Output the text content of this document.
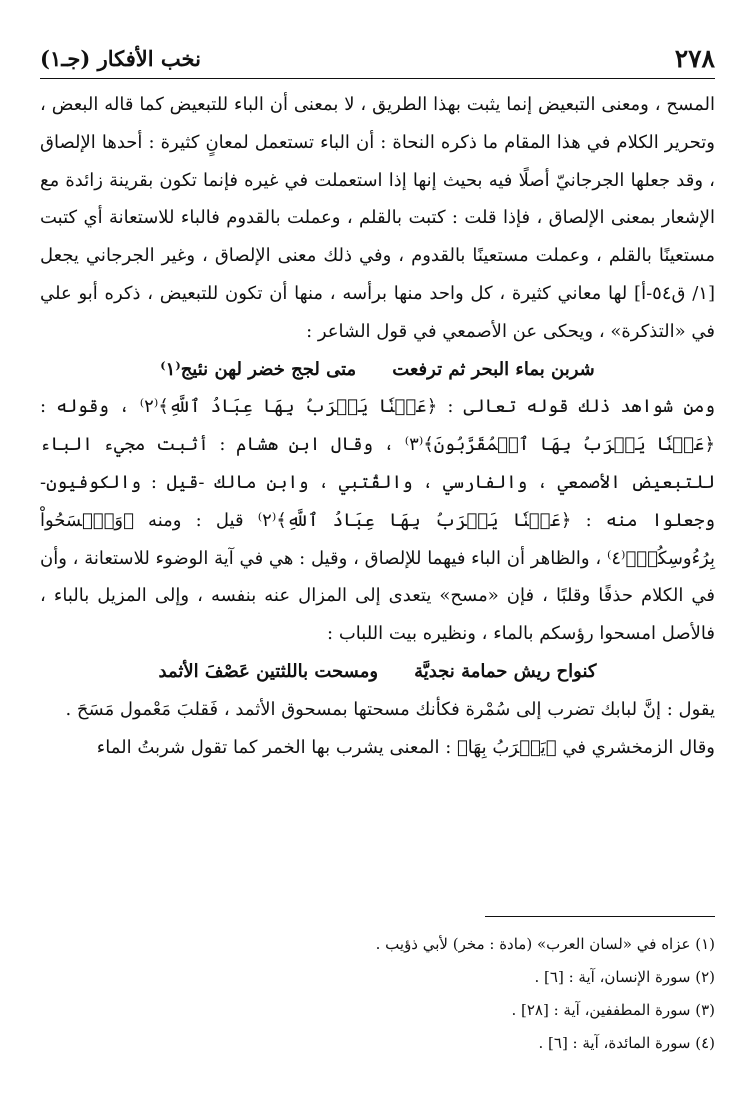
٢٧٨
نخب الأفكار (جـ١)

المسح ، ومعنى التبعيض إنما يثبت بهذا الطريق ، لا بمعنى أن الباء للتبعيض كما قاله البعض ، وتحرير الكلام في هذا المقام ما ذكره النحاة : أن الباء تستعمل لمعانٍ كثيرة : أحدها الإلصاق ، وقد جعلها الجرجانيّ أصلًا فيه بحيث إنها إذا استعملت في غيره فإنما تكون بقرينة زائدة مع الإشعار بمعنى الإلصاق ، فإذا قلت : كتبت بالقلم ، وعملت بالقدوم فالباء للاستعانة أي كتبت مستعينًا بالقلم ، وعملت مستعينًا بالقدوم ، وفي ذلك معنى الإلصاق ، وغير الجرجاني يجعل [١/ ق٥٤-أ] لها معاني كثيرة ، كل واحد منها برأسه ، منها أن تكون للتبعيض ، ذكره أبو علي في «التذكرة» ، ويحكى عن الأصمعي في قول الشاعر :

شربن بماء البحر ثم ترفعت
متى لجج خضر لهن نئيج⁽١⁾

ومن شواهد ذلك قوله تعالى : ﴿عَيۡنٗا يَشۡرَبُ بِهَا عِبَادُ ٱللَّهِ﴾⁽٢⁾ ، وقوله : ﴿عَيۡنٗا يَشۡرَبُ بِهَا ٱلۡمُقَرَّبُونَ﴾⁽٣⁾ ، وقال ابن هشام : أثبت مجيء الباء للتبعيض الأصمعي ، والفارسي ، والقُتبي ، وابن مالك -قيل : والكوفيون- وجعلوا منه : ﴿عَيۡنٗا يَشۡرَبُ بِهَا عِبَادُ ٱللَّهِ﴾⁽٢⁾ قيل : ومنه ﴿وَٱمۡسَحُواْ بِرُءُوسِكُمۡ﴾⁽٤⁾ ، والظاهر أن الباء فيهما للإلصاق ، وقيل : هي في آية الوضوء للاستعانة ، وأن في الكلام حذفًا وقلبًا ، فإن «مسح» يتعدى إلى المزال عنه بنفسه ، وإلى المزيل بالباء ، فالأصل امسحوا رؤسكم بالماء ، ونظيره بيت اللباب :

كنواح ريش حمامة نجديَّة
ومسحت باللثتين عَصْفَ الأثمد

يقول : إنَّ لبابك تضرب إلى سُمْرة فكأنك مسحتها بمسحوق الأثمد ، فَقلبَ مَعْمول مَسَحَ .

وقال الزمخشري في ﴿يَشۡرَبُ بِهَا﴾ : المعنى يشرب بها الخمر كما تقول شربتُ الماء

(١) عزاه في «لسان العرب» (مادة : مخر) لأبي ذؤيب .
(٢) سورة الإنسان، آية : [٦] .
(٣) سورة المطففين، آية : [٢٨] .
(٤) سورة المائدة، آية : [٦] .
